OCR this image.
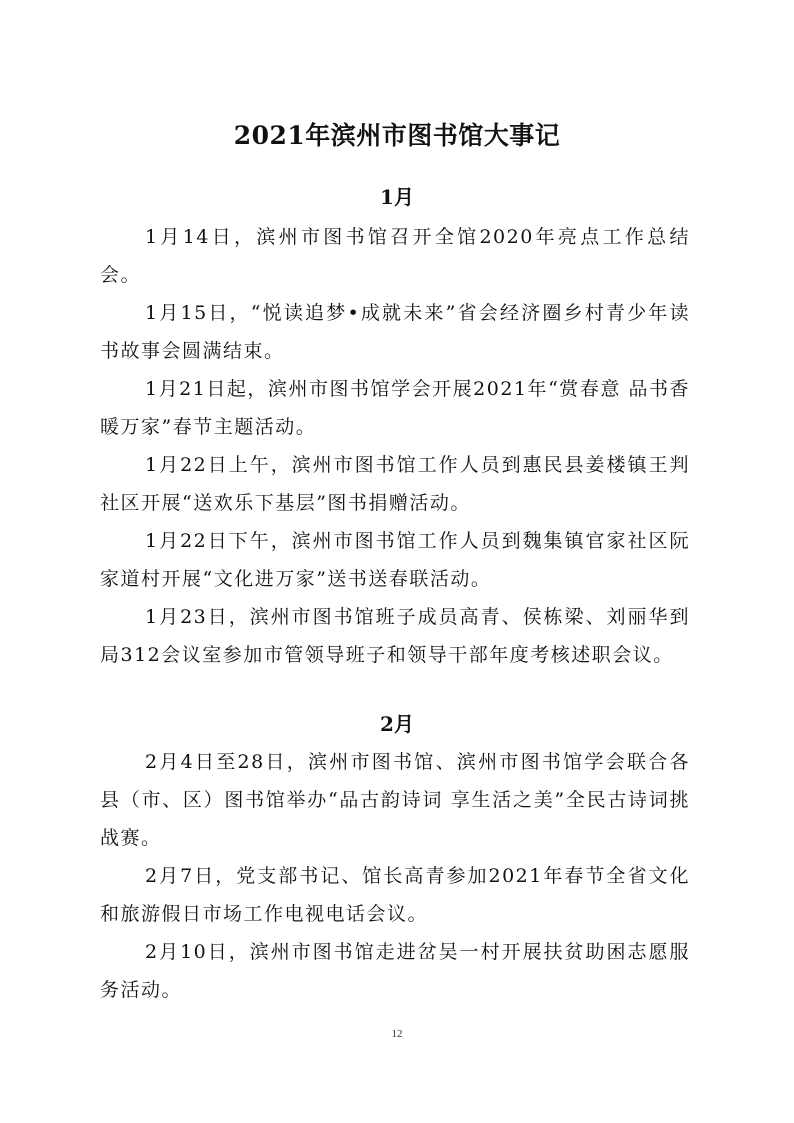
2021年滨州市图书馆大事记
1月

1月14日，滨州市图书馆召开全馆2020年亮点工作总结会。

1月15日，“悦读追梦•成就未来”省会经济圈乡村青少年读书故事会圆满结束。

1月21日起，滨州市图书馆学会开展2021年“赏春意 品书香 暖万家”春节主题活动。

1月22日上午，滨州市图书馆工作人员到惠民县姜楼镇王判社区开展“送欢乐下基层”图书捐赠活动。

1月22日下午，滨州市图书馆工作人员到魏集镇官家社区阮家道村开展“文化进万家”送书送春联活动。

1月23日，滨州市图书馆班子成员高青、侯栋梁、刘丽华到局312会议室参加市管领导班子和领导干部年度考核述职会议。

2月

2月4日至28日，滨州市图书馆、滨州市图书馆学会联合各县（市、区）图书馆举办“品古韵诗词 享生活之美”全民古诗词挑战赛。

2月7日，党支部书记、馆长高青参加2021年春节全省文化和旅游假日市场工作电视电话会议。

2月10日，滨州市图书馆走进岔吴一村开展扶贫助困志愿服务活动。

12
